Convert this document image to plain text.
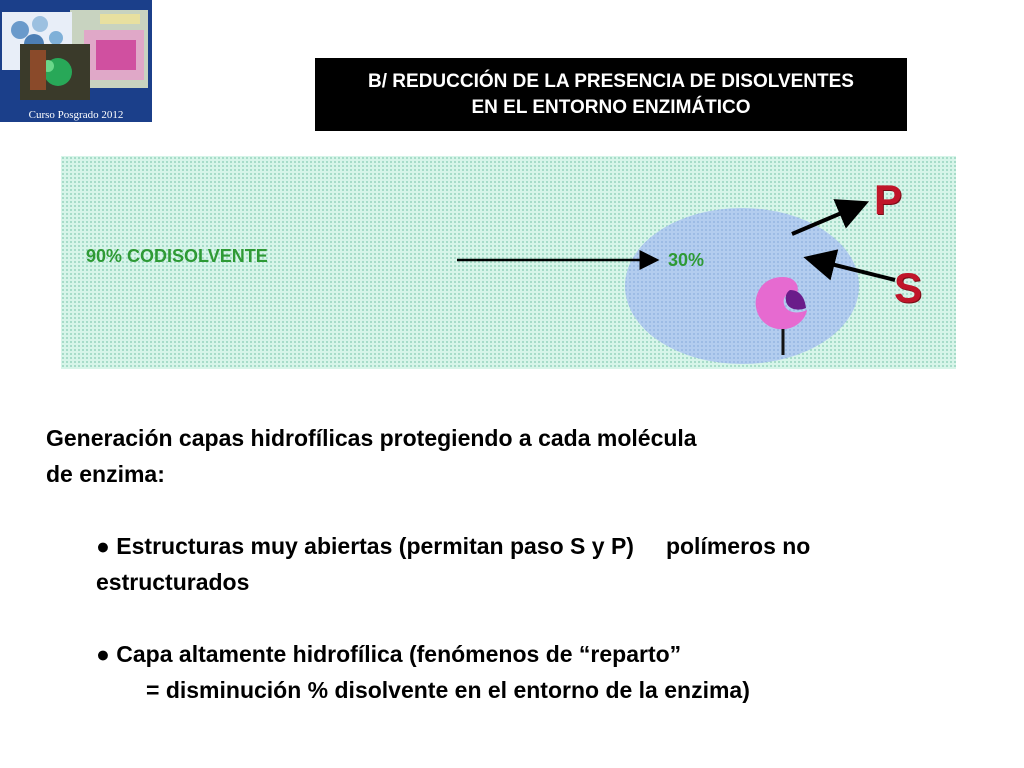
Curso Posgrado 2012
B/ REDUCCIÓN DE LA PRESENCIA DE DISOLVENTES
EN EL ENTORNO ENZIMÁTICO
90% CODISOLVENTE	30%
P
S

Generación capas hidrofílicas protegiendo a cada molécula

de enzima:

● Estructuras muy abiertas (permitan paso S y P) polímeros no

estructurados

● Capa altamente hidrofílica (fenómenos de “reparto”

= disminución % disolvente en el entorno de la enzima)
